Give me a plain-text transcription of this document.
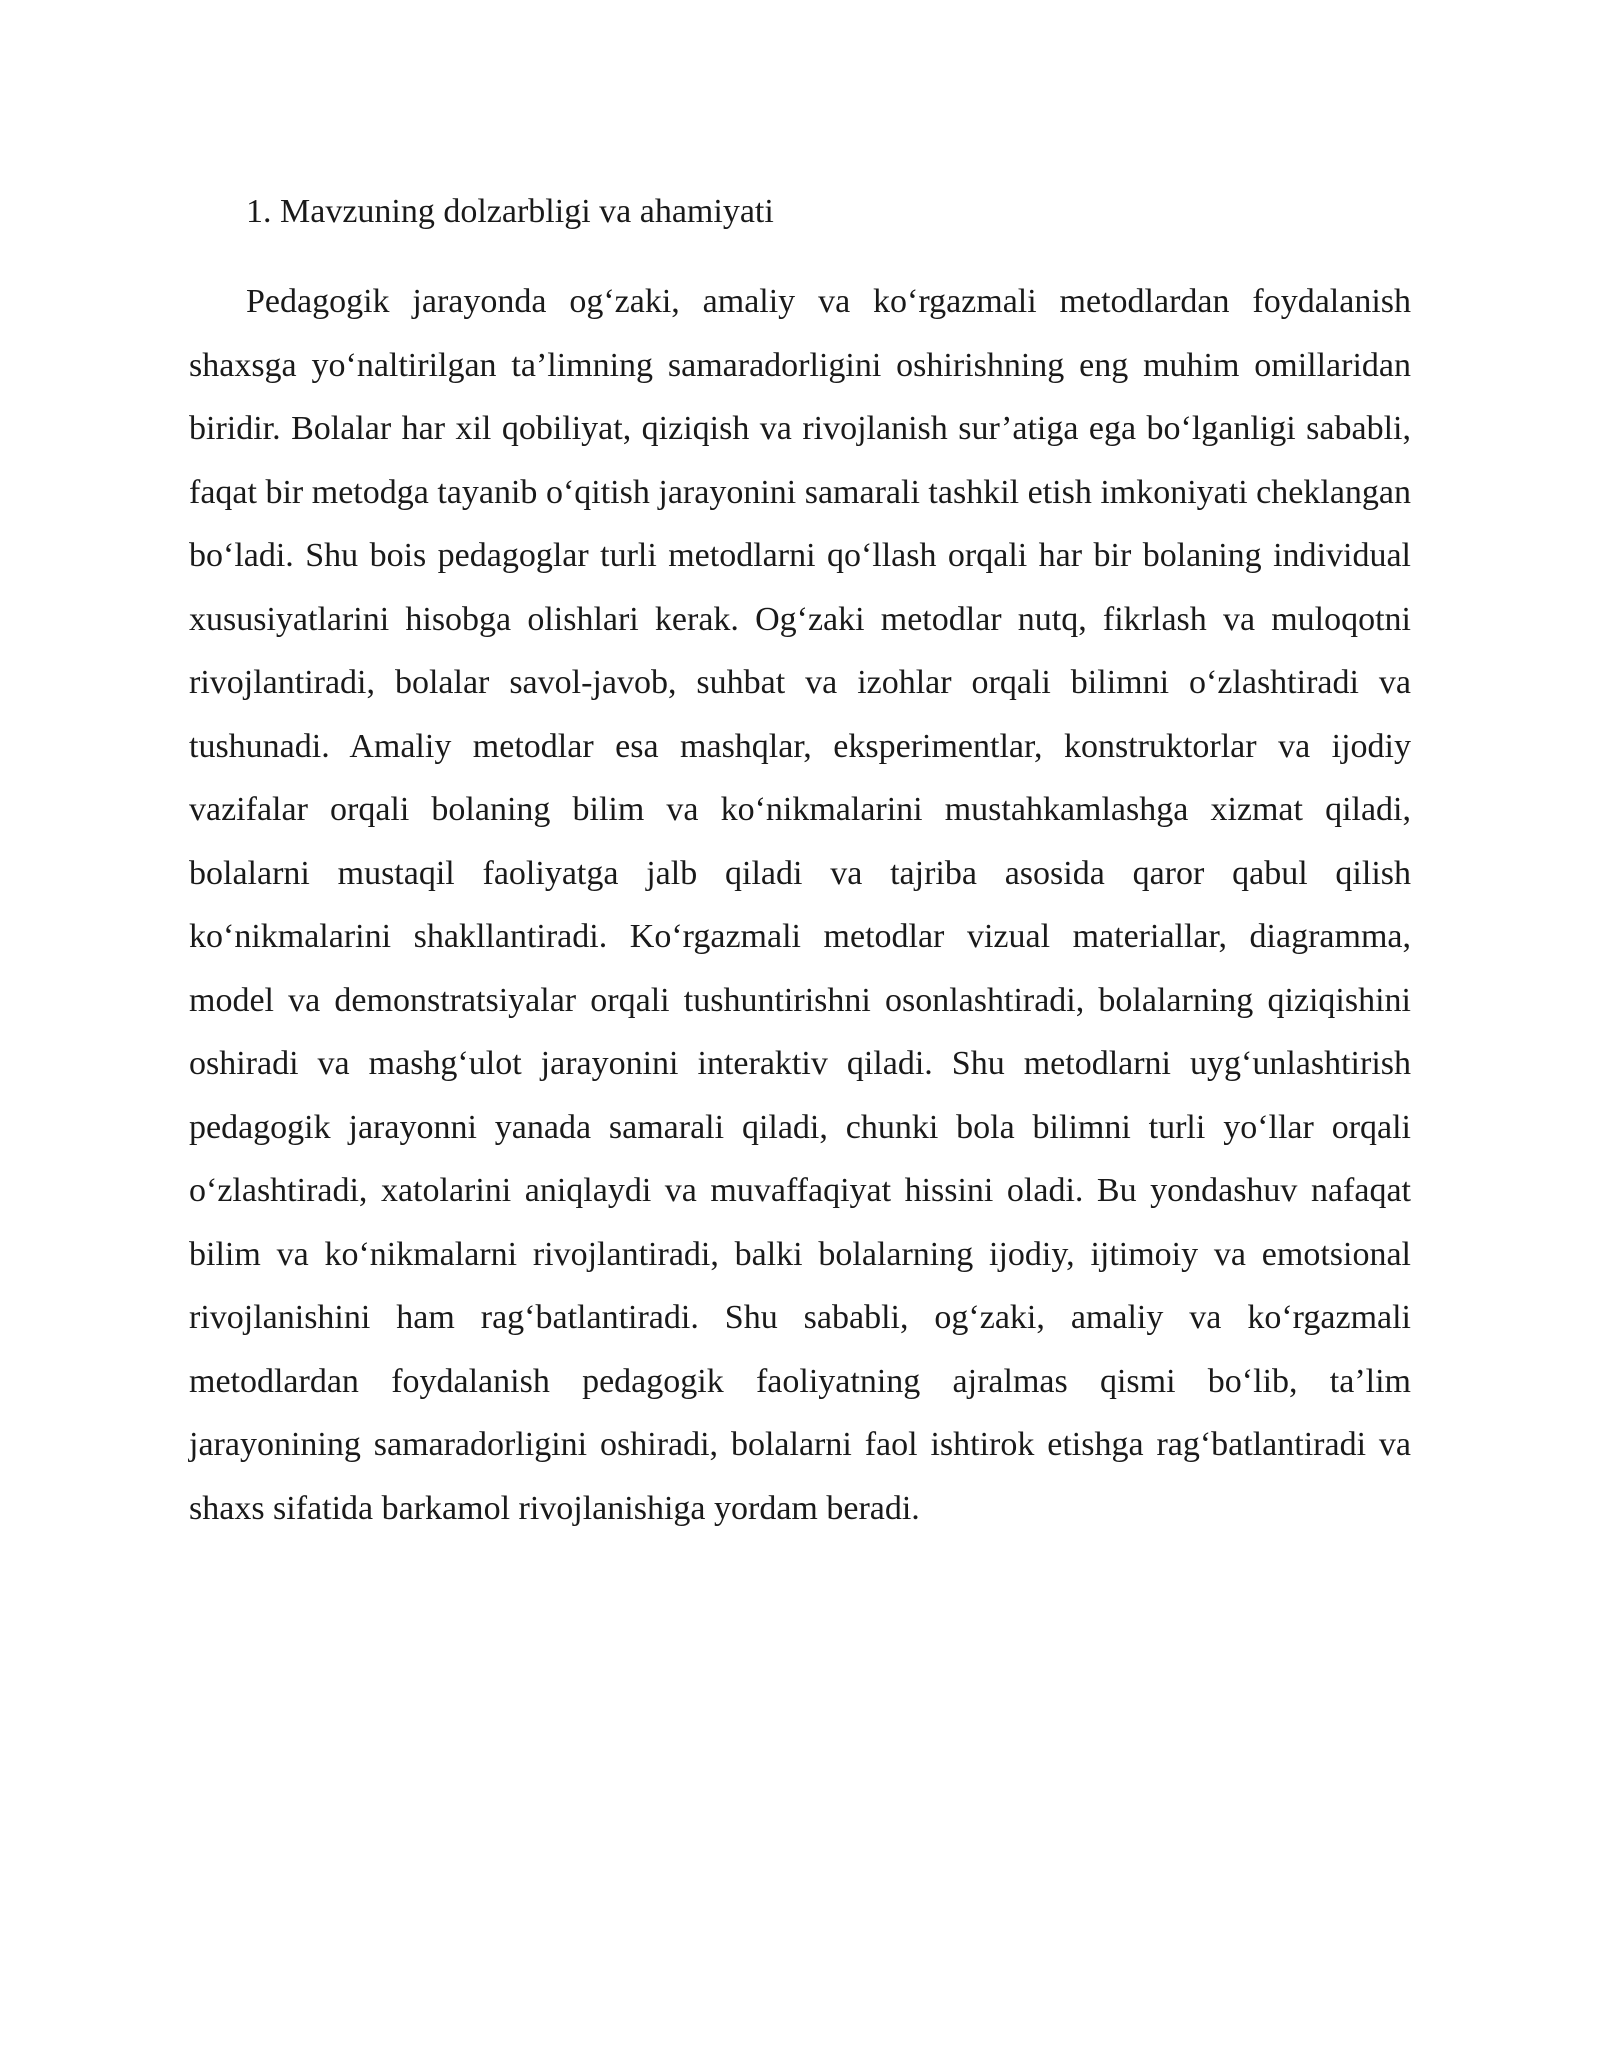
1. Mavzuning dolzarbligi va ahamiyati

Pedagogik jarayonda og‘zaki, amaliy va ko‘rgazmali metodlardan foydalanish shaxsga yo‘naltirilgan ta’limning samaradorligini oshirishning eng muhim omillaridan biridir. Bolalar har xil qobiliyat, qiziqish va rivojlanish sur’atiga ega bo‘lganligi sababli, faqat bir metodga tayanib o‘qitish jarayonini samarali tashkil etish imkoniyati cheklangan bo‘ladi. Shu bois pedagoglar turli metodlarni qo‘llash orqali har bir bolaning individual xususiyatlarini hisobga olishlari kerak. Og‘zaki metodlar nutq, fikrlash va muloqotni rivojlantiradi, bolalar savol-javob, suhbat va izohlar orqali bilimni o‘zlashtiradi va tushunadi. Amaliy metodlar esa mashqlar, eksperimentlar, konstruktorlar va ijodiy vazifalar orqali bolaning bilim va ko‘nikmalarini mustahkamlashga xizmat qiladi, bolalarni mustaqil faoliyatga jalb qiladi va tajriba asosida qaror qabul qilish ko‘nikmalarini shakllantiradi. Ko‘rgazmali metodlar vizual materiallar, diagramma, model va demonstratsiyalar orqali tushuntirishni osonlashtiradi, bolalarning qiziqishini oshiradi va mashg‘ulot jarayonini interaktiv qiladi. Shu metodlarni uyg‘unlashtirish pedagogik jarayonni yanada samarali qiladi, chunki bola bilimni turli yo‘llar orqali o‘zlashtiradi, xatolarini aniqlaydi va muvaffaqiyat hissini oladi. Bu yondashuv nafaqat bilim va ko‘nikmalarni rivojlantiradi, balki bolalarning ijodiy, ijtimoiy va emotsional rivojlanishini ham rag‘batlantiradi. Shu sababli, og‘zaki, amaliy va ko‘rgazmali metodlardan foydalanish pedagogik faoliyatning ajralmas qismi bo‘lib, ta’lim jarayonining samaradorligini oshiradi, bolalarni faol ishtirok etishga rag‘batlantiradi va shaxs sifatida barkamol rivojlanishiga yordam beradi.
